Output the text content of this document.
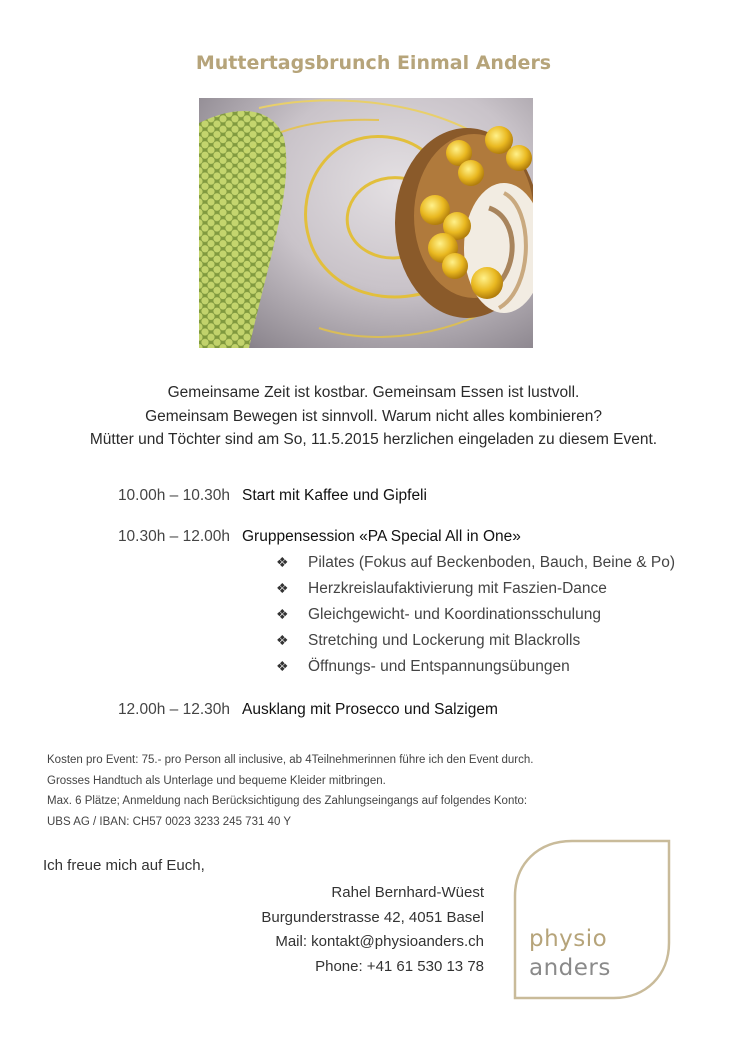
Muttertagsbrunch Einmal Anders
Gemeinsame Zeit ist kostbar. Gemeinsam Essen ist lustvoll.
Gemeinsam Bewegen ist sinnvoll. Warum nicht alles kombinieren?
Mütter und Töchter sind am So, 11.5.2015 herzlichen eingeladen zu diesem Event.
10.00h – 10.30h Start mit Kaffee und Gipfeli
10.30h – 12.00h Gruppensession «PA Special All in One»
❖ Pilates (Fokus auf Beckenboden, Bauch, Beine & Po)
❖ Herzkreislaufaktivierung mit Faszien-Dance
❖ Gleichgewicht- und Koordinationsschulung
❖ Stretching und Lockerung mit Blackrolls
❖ Öffnungs- und Entspannungsübungen
12.00h – 12.30h Ausklang mit Prosecco und Salzigem
Kosten pro Event: 75.- pro Person all inclusive, ab 4Teilnehmerinnen führe ich den Event durch.
Grosses Handtuch als Unterlage und bequeme Kleider mitbringen.
Max. 6 Plätze; Anmeldung nach Berücksichtigung des Zahlungseingangs auf folgendes Konto:
UBS AG / IBAN: CH57 0023 3233 245 731 40 Y
Ich freue mich auf Euch,
Rahel Bernhard-Wüest
Burgunderstrasse 42, 4051 Basel
Mail: kontakt@physioanders.ch
Phone: +41 61 530 13 78
physio
anders
